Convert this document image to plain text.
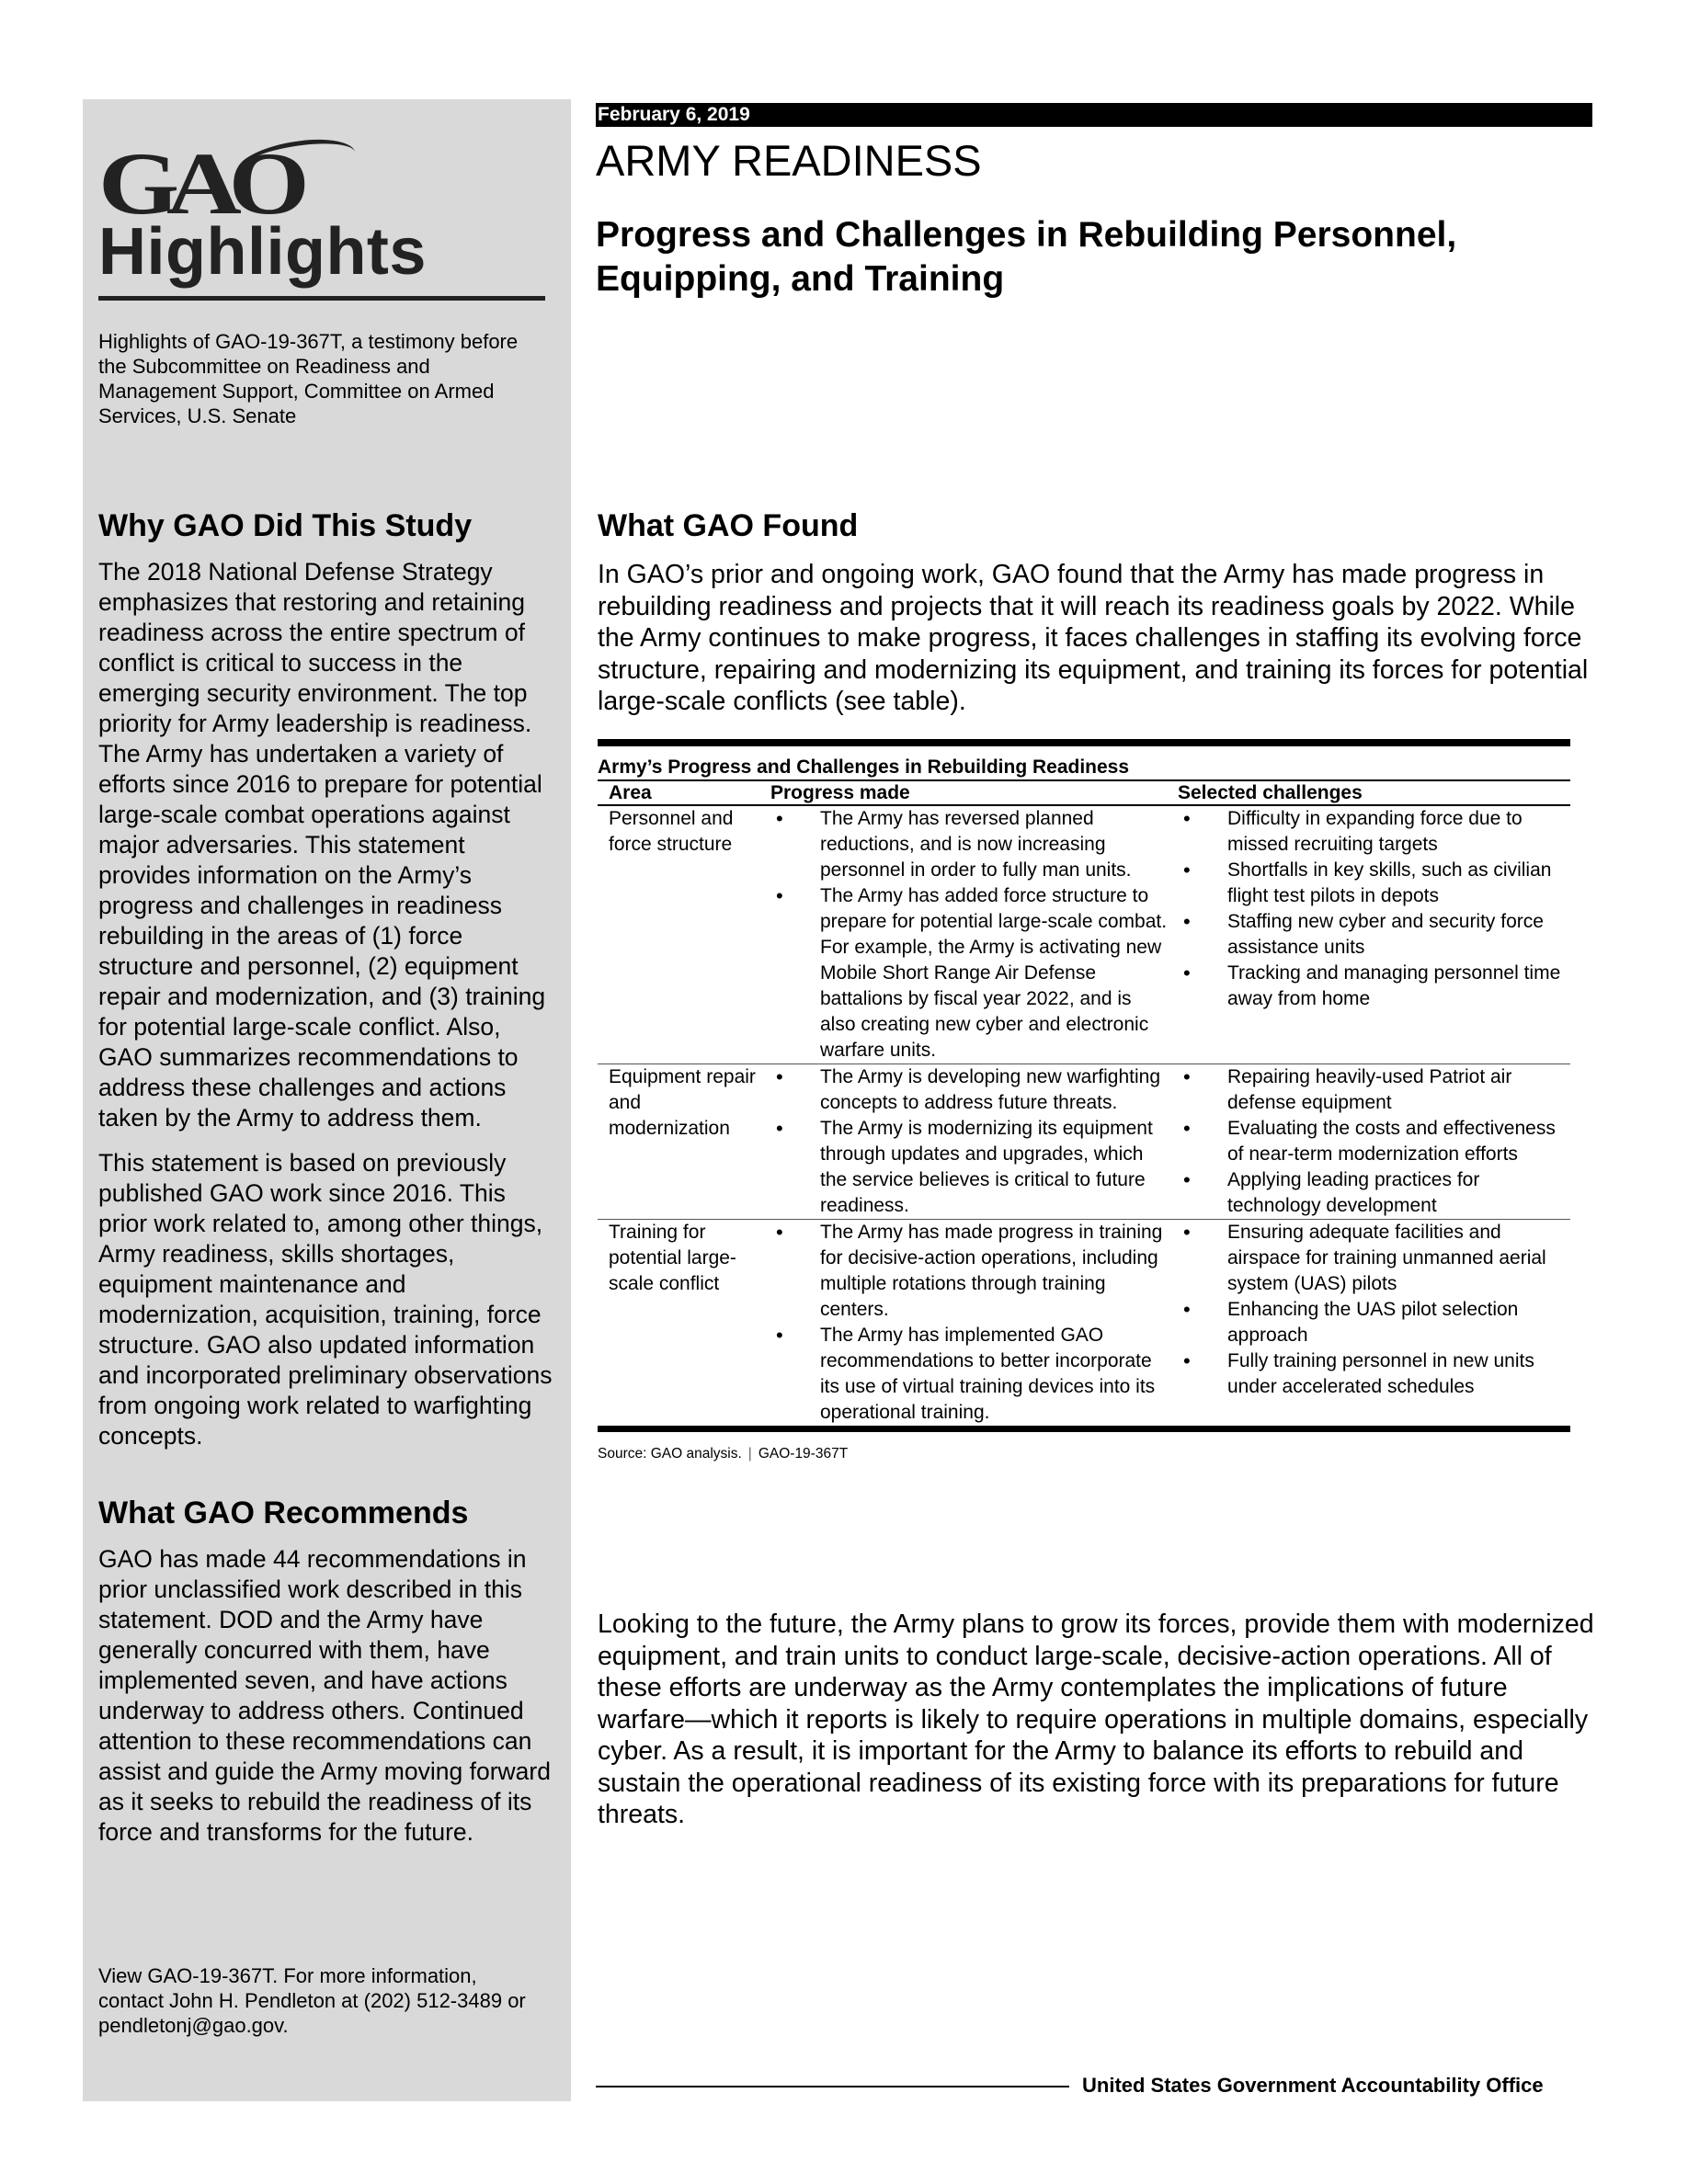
GAO
Highlights

Highlights of GAO-19-367T, a testimony before the Subcommittee on Readiness and Management Support, Committee on Armed Services, U.S. Senate

Why GAO Did This Study

The 2018 National Defense Strategy emphasizes that restoring and retaining readiness across the entire spectrum of conflict is critical to success in the emerging security environment. The top priority for Army leadership is readiness. The Army has undertaken a variety of efforts since 2016 to prepare for potential large-scale combat operations against major adversaries. This statement provides information on the Army’s progress and challenges in readiness rebuilding in the areas of (1) force structure and personnel, (2) equipment repair and modernization, and (3) training for potential large-scale conflict. Also, GAO summarizes recommendations to address these challenges and actions taken by the Army to address them.

This statement is based on previously published GAO work since 2016. This prior work related to, among other things, Army readiness, skills shortages, equipment maintenance and modernization, acquisition, training, force structure. GAO also updated information and incorporated preliminary observations from ongoing work related to warfighting concepts.

What GAO Recommends

GAO has made 44 recommendations in prior unclassified work described in this statement. DOD and the Army have generally concurred with them, have implemented seven, and have actions underway to address others. Continued attention to these recommendations can assist and guide the Army moving forward as it seeks to rebuild the readiness of its force and transforms for the future.

View GAO-19-367T. For more information, contact John H. Pendleton at (202) 512-3489 or pendletonj@gao.gov.

February 6, 2019
ARMY READINESS
Progress and Challenges in Rebuilding Personnel, Equipping, and Training
What GAO Found

In GAO’s prior and ongoing work, GAO found that the Army has made progress in rebuilding readiness and projects that it will reach its readiness goals by 2022. While the Army continues to make progress, it faces challenges in staffing its evolving force structure, repairing and modernizing its equipment, and training its forces for potential large-scale conflicts (see table).

Army’s Progress and Challenges in Rebuilding Readiness
Area	Progress made	Selected challenges
Personnel and force structure
• The Army has reversed planned reductions, and is now increasing personnel in order to fully man units.
• The Army has added force structure to prepare for potential large-scale combat. For example, the Army is activating new Mobile Short Range Air Defense battalions by fiscal year 2022, and is also creating new cyber and electronic warfare units.
• Difficulty in expanding force due to missed recruiting targets
• Shortfalls in key skills, such as civilian flight test pilots in depots
• Staffing new cyber and security force assistance units
• Tracking and managing personnel time away from home
Equipment repair and modernization
• The Army is developing new warfighting concepts to address future threats.
• The Army is modernizing its equipment through updates and upgrades, which the service believes is critical to future readiness.
• Repairing heavily-used Patriot air defense equipment
• Evaluating the costs and effectiveness of near-term modernization efforts
• Applying leading practices for technology development
Training for potential large-scale conflict
• The Army has made progress in training for decisive-action operations, including multiple rotations through training centers.
• The Army has implemented GAO recommendations to better incorporate its use of virtual training devices into its operational training.
• Ensuring adequate facilities and airspace for training unmanned aerial system (UAS) pilots
• Enhancing the UAS pilot selection approach
• Fully training personnel in new units under accelerated schedules
Source: GAO analysis. | GAO-19-367T

Looking to the future, the Army plans to grow its forces, provide them with modernized equipment, and train units to conduct large-scale, decisive-action operations. All of these efforts are underway as the Army contemplates the implications of future warfare—which it reports is likely to require operations in multiple domains, especially cyber. As a result, it is important for the Army to balance its efforts to rebuild and sustain the operational readiness of its existing force with its preparations for future threats.

United States Government Accountability Office
